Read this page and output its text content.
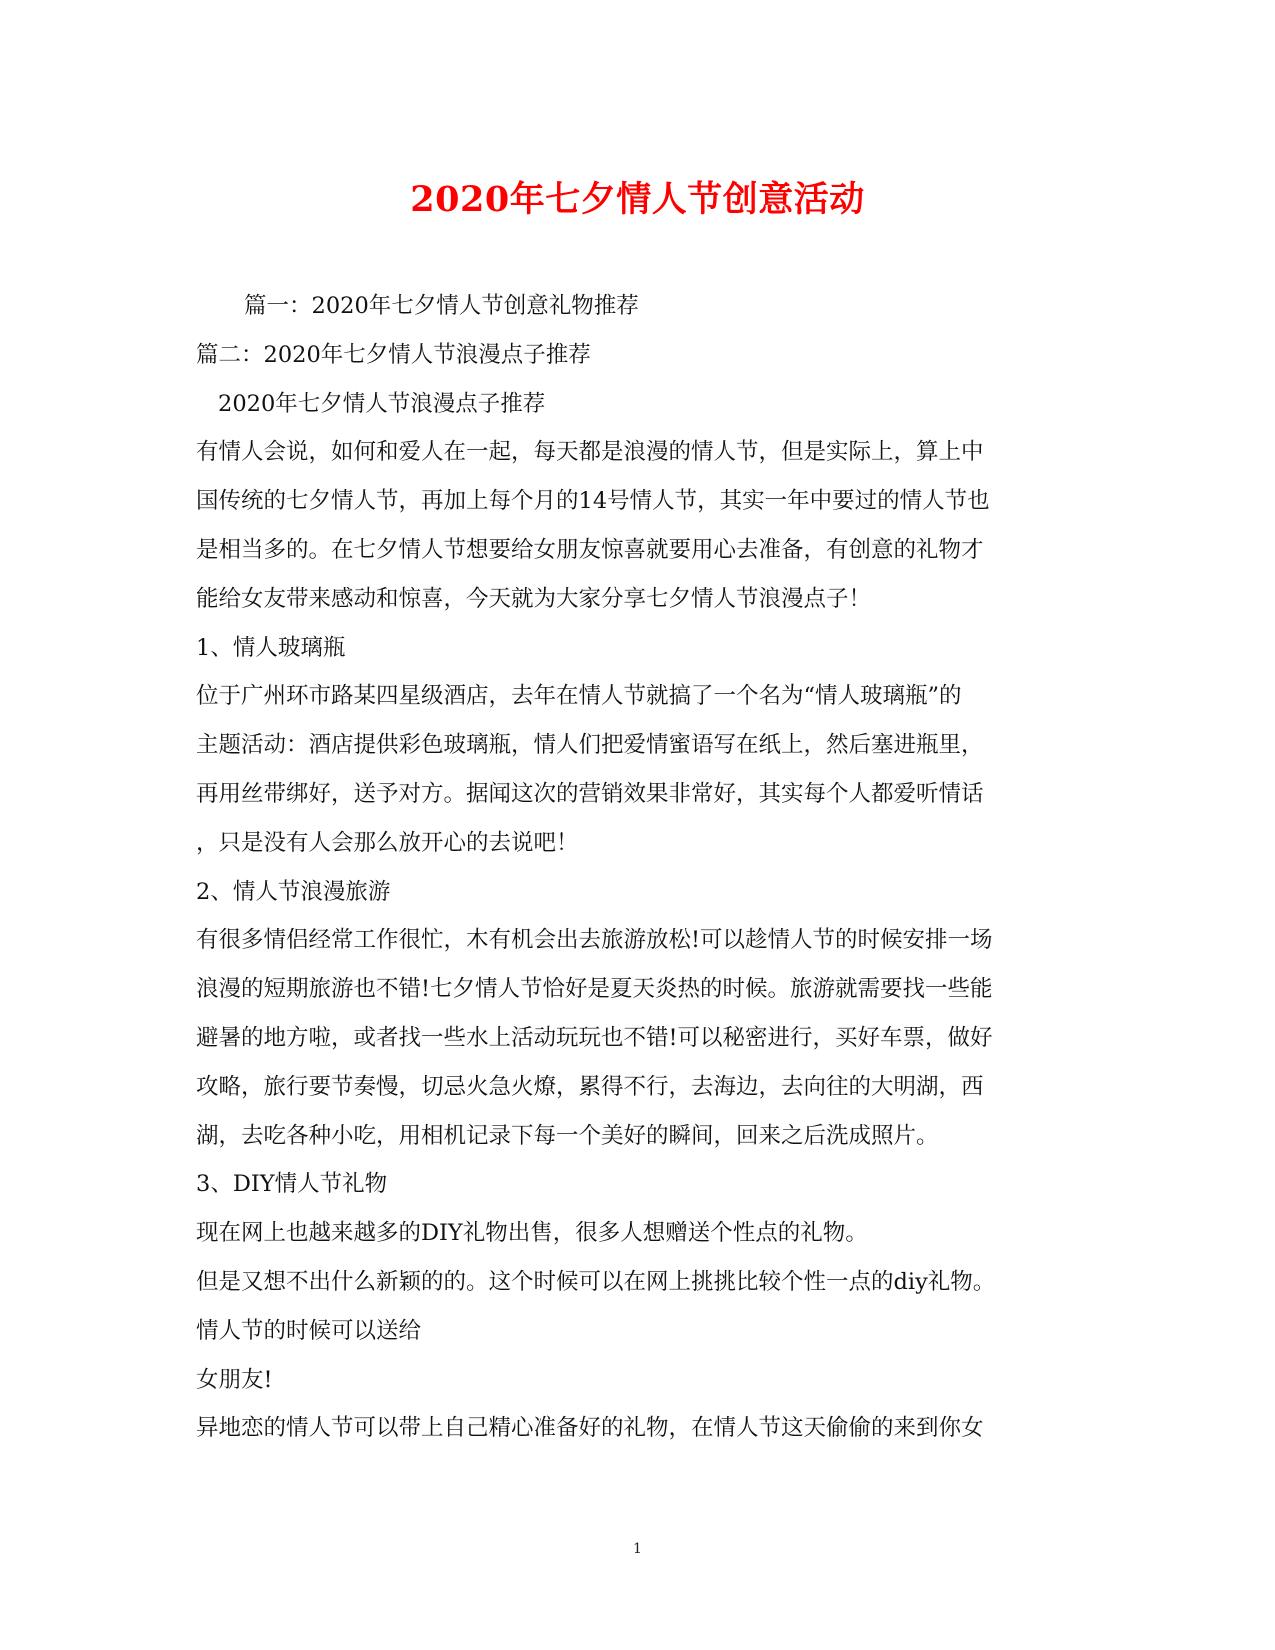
2020年七夕情人节创意活动
篇一：2020年七夕情人节创意礼物推荐
篇二：2020年七夕情人节浪漫点子推荐
2020年七夕情人节浪漫点子推荐
有情人会说，如何和爱人在一起，每天都是浪漫的情人节，但是实际上，算上中
国传统的七夕情人节，再加上每个月的14号情人节，其实一年中要过的情人节也
是相当多的。在七夕情人节想要给女朋友惊喜就要用心去准备，有创意的礼物才
能给女友带来感动和惊喜，今天就为大家分享七夕情人节浪漫点子！
1、情人玻璃瓶
位于广州环市路某四星级酒店，去年在情人节就搞了一个名为“情人玻璃瓶”的
主题活动：酒店提供彩色玻璃瓶，情人们把爱情蜜语写在纸上，然后塞进瓶里，
再用丝带绑好，送予对方。据闻这次的营销效果非常好，其实每个人都爱听情话
，只是没有人会那么放开心的去说吧！
2、情人节浪漫旅游
有很多情侣经常工作很忙，木有机会出去旅游放松!可以趁情人节的时候安排一场
浪漫的短期旅游也不错!七夕情人节恰好是夏天炎热的时候。旅游就需要找一些能
避暑的地方啦，或者找一些水上活动玩玩也不错!可以秘密进行，买好车票，做好
攻略，旅行要节奏慢，切忌火急火燎，累得不行，去海边，去向往的大明湖，西
湖，去吃各种小吃，用相机记录下每一个美好的瞬间，回来之后洗成照片。
3、DIY情人节礼物
现在网上也越来越多的DIY礼物出售，很多人想赠送个性点的礼物。
但是又想不出什么新颖的的。这个时候可以在网上挑挑比较个性一点的diy礼物。
情人节的时候可以送给
女朋友!
异地恋的情人节可以带上自己精心准备好的礼物，在情人节这天偷偷的来到你女
1
